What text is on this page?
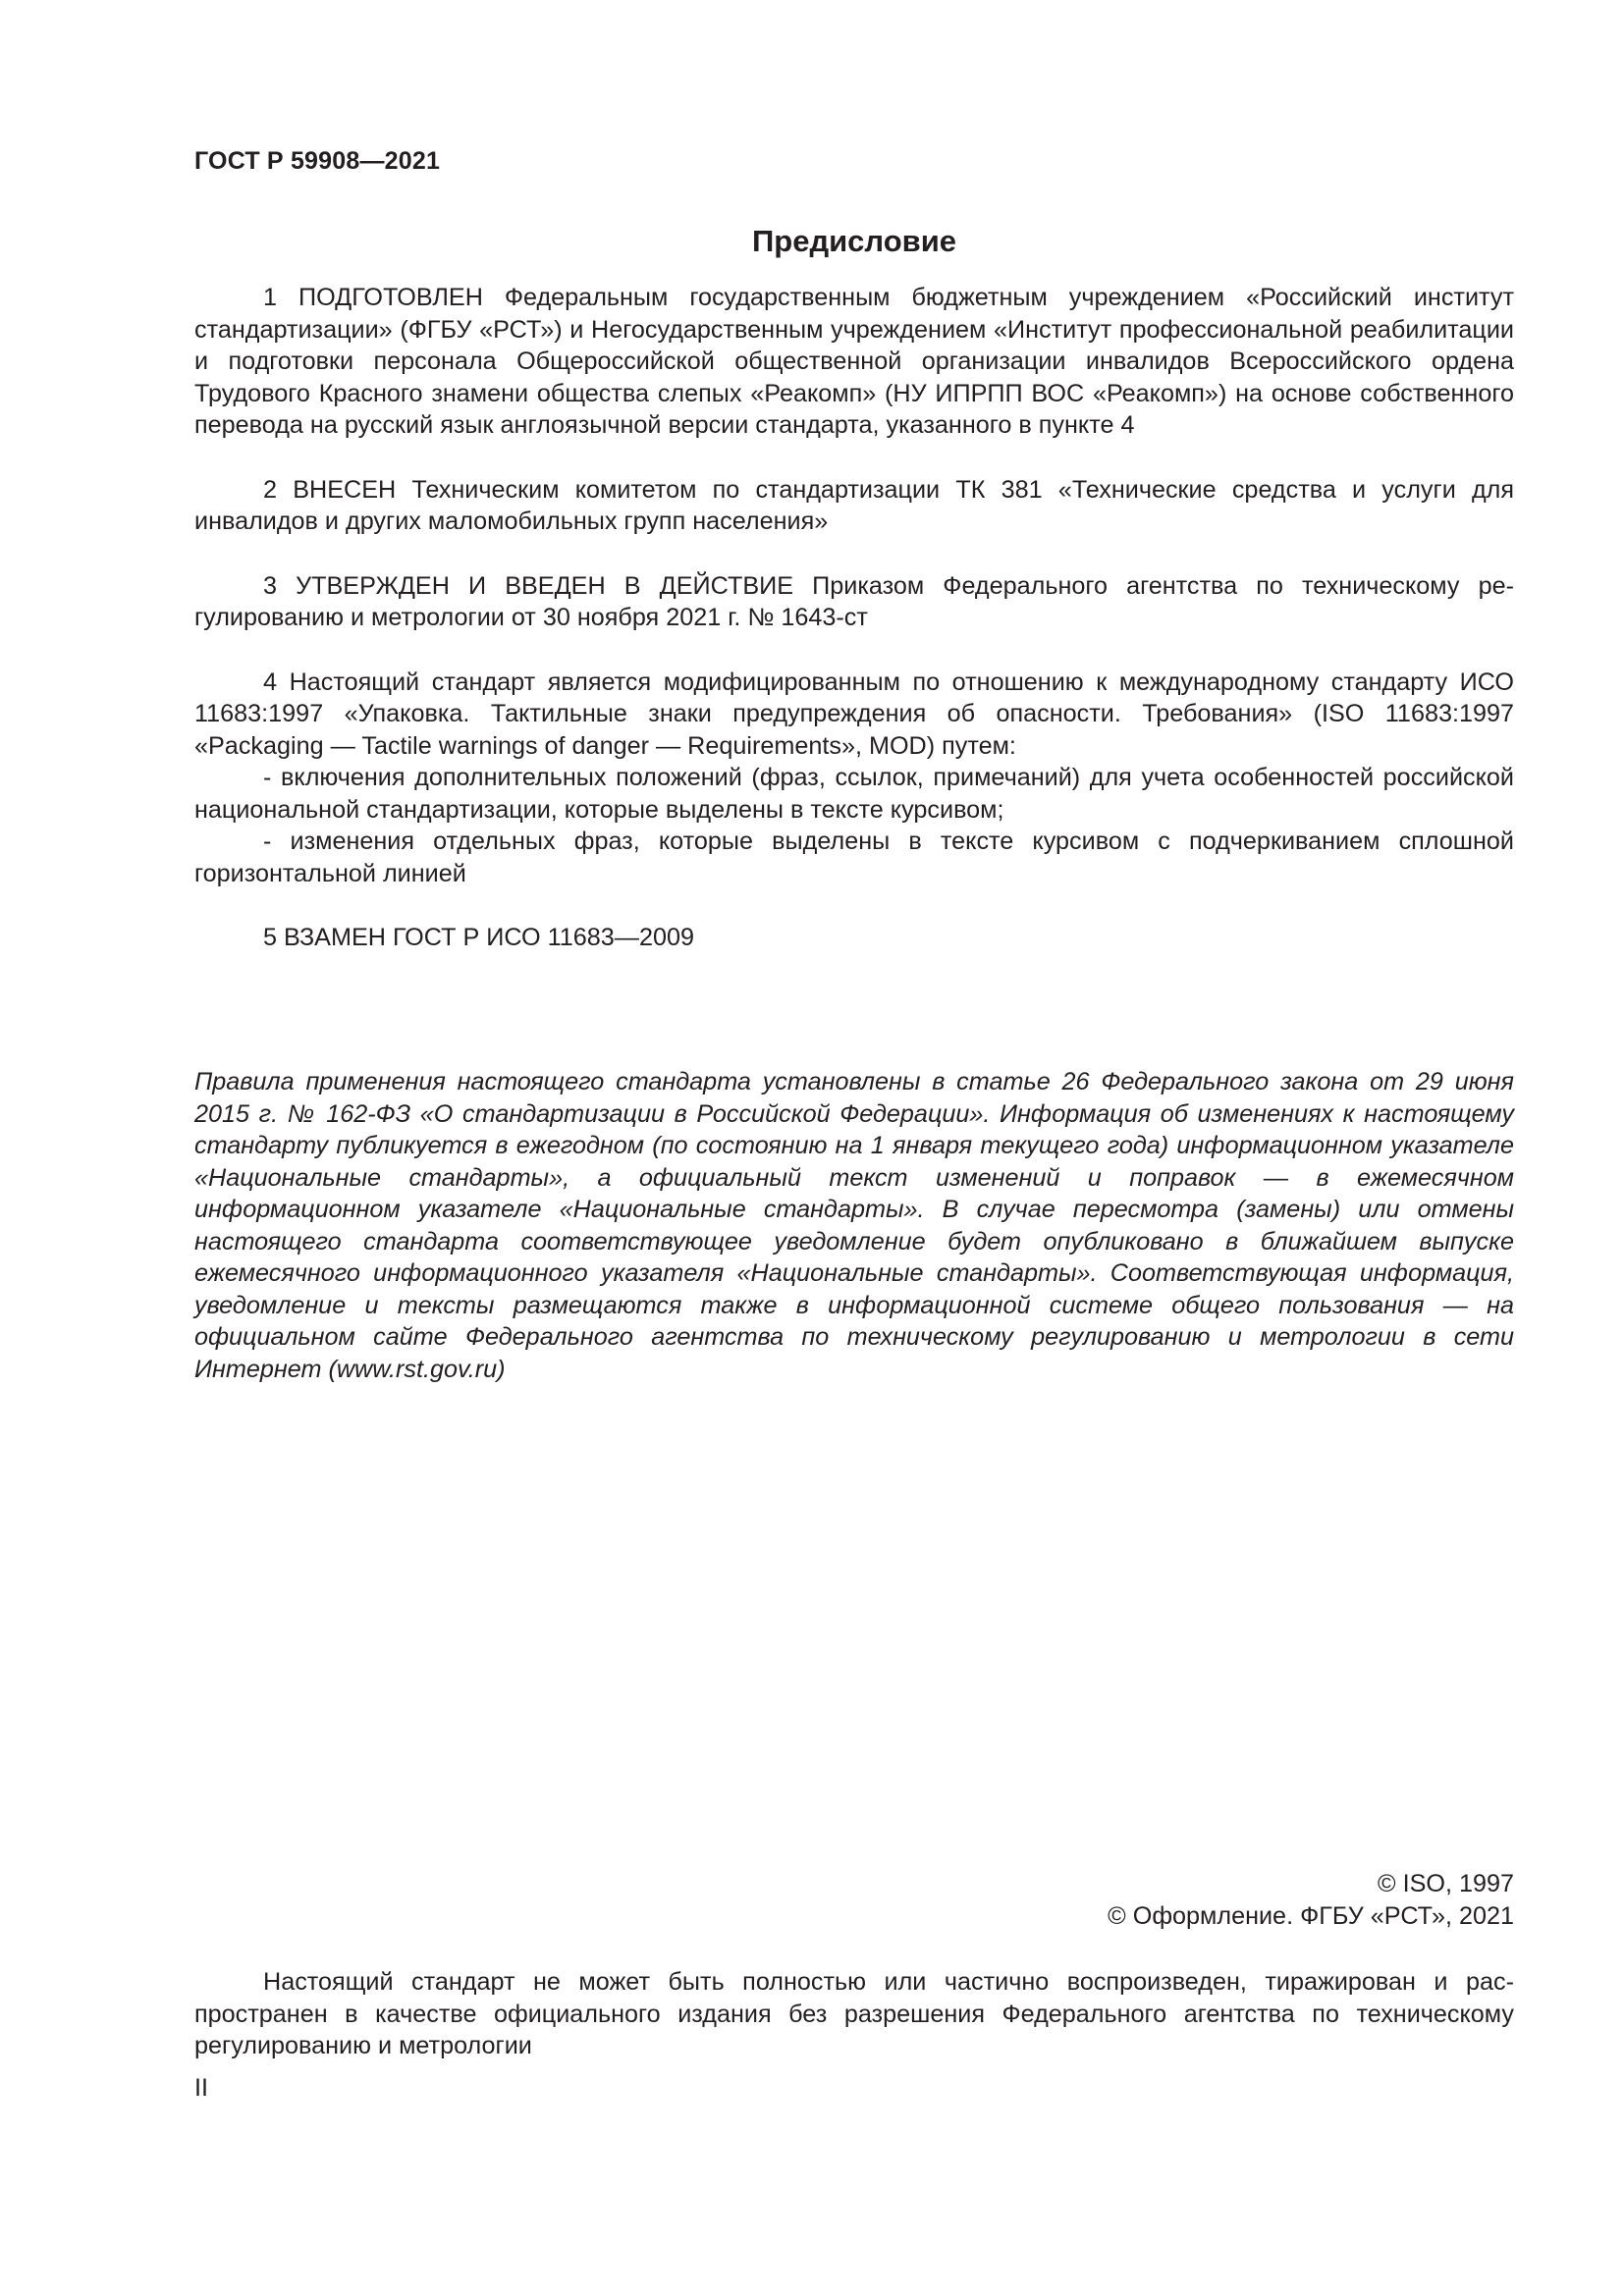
ГОСТ Р 59908—2021
Предисловие

1 ПОДГОТОВЛЕН Федеральным государственным бюджетным учреждением «Российский институт стандартизации» (ФГБУ «РСТ») и Негосударственным учреждением «Институт профессиональной реабилитации и подготовки персонала Общероссийской общественной организации инвалидов Всероссийского ордена Трудового Красного знамени общества слепых «Реакомп» (НУ ИПРПП ВОС «Реакомп») на основе собственного перевода на русский язык англоязычной версии стандарта, указанного в пункте 4

2 ВНЕСЕН Техническим комитетом по стандартизации ТК 381 «Технические средства и услуги для инвалидов и других маломобильных групп населения»

3 УТВЕРЖДЕН И ВВЕДЕН В ДЕЙСТВИЕ Приказом Федерального агентства по техническому регулированию и метрологии от 30 ноября 2021 г. № 1643-ст

4 Настоящий стандарт является модифицированным по отношению к международному стандарту ИСО 11683:1997 «Упаковка. Тактильные знаки предупреждения об опасности. Требования» (ISO 11683:1997 «Packaging — Tactile warnings of danger — Requirements», MOD) путем:

- включения дополнительных положений (фраз, ссылок, примечаний) для учета особенностей российской национальной стандартизации, которые выделены в тексте курсивом;

- изменения отдельных фраз, которые выделены в тексте курсивом с подчеркиванием сплошной горизонтальной линией

5 ВЗАМЕН ГОСТ Р ИСО 11683—2009

Правила применения настоящего стандарта установлены в статье 26 Федерального закона от 29 июня 2015 г. № 162-ФЗ «О стандартизации в Российской Федерации». Информация об изменениях к настоящему стандарту публикуется в ежегодном (по состоянию на 1 января текущего года) информационном указателе «Национальные стандарты», а официальный текст изменений и поправок — в ежемесячном информационном указателе «Национальные стандарты». В случае пересмотра (замены) или отмены настоящего стандарта соответствующее уведомление будет опубликовано в ближайшем выпуске ежемесячного информационного указателя «Национальные стандарты». Соответствующая информация, уведомление и тексты размещаются также в информационной системе общего пользования — на официальном сайте Федерального агентства по техническому регулированию и метрологии в сети Интернет (www.rst.gov.ru)

© ISO, 1997
© Оформление. ФГБУ «РСТ», 2021

Настоящий стандарт не может быть полностью или частично воспроизведен, тиражирован и распространен в качестве официального издания без разрешения Федерального агентства по техническому регулированию и метрологии

II
